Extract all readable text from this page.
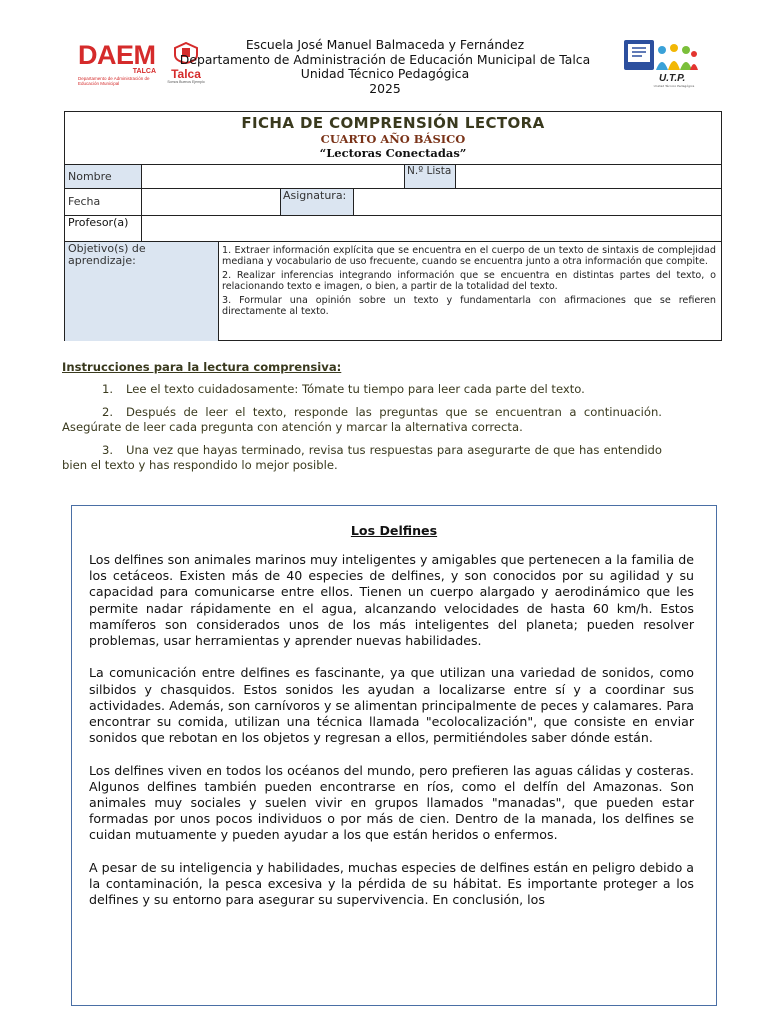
DAEM
TALCA
Departamento de Administración de Educación Municipal
Talca
Somos Buenos Ejemplo
Escuela José Manuel Balmaceda y Fernández
Departamento de Administración de Educación Municipal de Talca
Unidad Técnico Pedagógica
2025
U.T.P.
Unidad Técnico Pedagógica
FICHA DE COMPRENSIÓN LECTORA
CUARTO AÑO BÁSICO
“Lectoras Conectadas”
Nombre	N.º Lista
Fecha	Asignatura:
Profesor(a)
Objetivo(s) de aprendizaje:

1. Extraer información explícita que se encuentra en el cuerpo de un texto de sintaxis de complejidad mediana y vocabulario de uso frecuente, cuando se encuentra junto a otra información que compite.

2. Realizar inferencias integrando información que se encuentra en distintas partes del texto, o relacionando texto e imagen, o bien, a partir de la totalidad del texto.

3. Formular una opinión sobre un texto y fundamentarla con afirmaciones que se refieren directamente al texto.

Instrucciones para la lectura comprensiva:
1. Lee el texto cuidadosamente: Tómate tu tiempo para leer cada parte del texto.
2. Después de leer el texto, responde las preguntas que se encuentran a continuación. Asegúrate de leer cada pregunta con atención y marcar la alternativa correcta.
3. Una vez que hayas terminado, revisa tus respuestas para asegurarte de que has entendido bien el texto y has respondido lo mejor posible.
Los Delfines

Los delfines son animales marinos muy inteligentes y amigables que pertenecen a la familia de los cetáceos. Existen más de 40 especies de delfines, y son conocidos por su agilidad y su capacidad para comunicarse entre ellos. Tienen un cuerpo alargado y aerodinámico que les permite nadar rápidamente en el agua, alcanzando velocidades de hasta 60 km/h. Estos mamíferos son considerados unos de los más inteligentes del planeta; pueden resolver problemas, usar herramientas y aprender nuevas habilidades.

La comunicación entre delfines es fascinante, ya que utilizan una variedad de sonidos, como silbidos y chasquidos. Estos sonidos les ayudan a localizarse entre sí y a coordinar sus actividades. Además, son carnívoros y se alimentan principalmente de peces y calamares. Para encontrar su comida, utilizan una técnica llamada "ecolocalización", que consiste en enviar sonidos que rebotan en los objetos y regresan a ellos, permitiéndoles saber dónde están.

Los delfines viven en todos los océanos del mundo, pero prefieren las aguas cálidas y costeras. Algunos delfines también pueden encontrarse en ríos, como el delfín del Amazonas. Son animales muy sociales y suelen vivir en grupos llamados "manadas", que pueden estar formadas por unos pocos individuos o por más de cien. Dentro de la manada, los delfines se cuidan mutuamente y pueden ayudar a los que están heridos o enfermos.

A pesar de su inteligencia y habilidades, muchas especies de delfines están en peligro debido a la contaminación, la pesca excesiva y la pérdida de su hábitat. Es importante proteger a los delfines y su entorno para asegurar su supervivencia. En conclusión, los
